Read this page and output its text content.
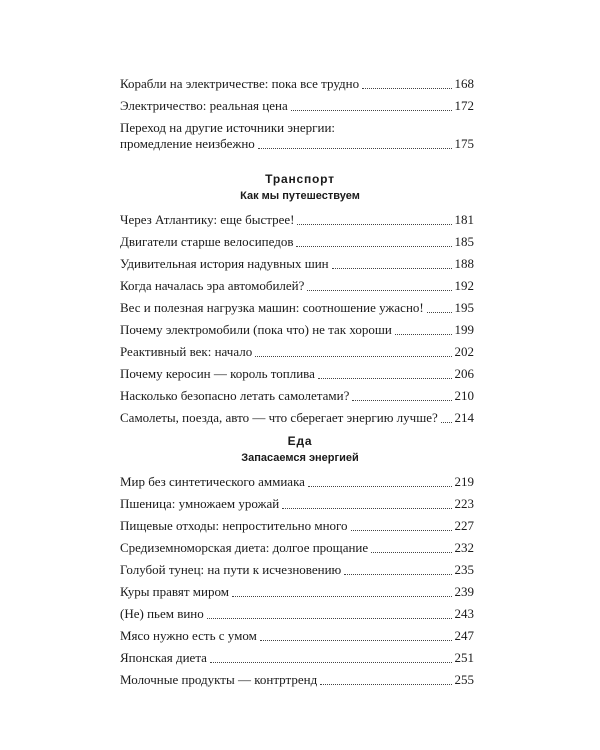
Корабли на электричестве: пока все трудно	168
Электричество: реальная цена	172
Переход на другие источники энергии:
промедление неизбежно	175
Транспорт
Как мы путешествуем
Через Атлантику: еще быстрее!	181
Двигатели старше велосипедов	185
Удивительная история надувных шин	188
Когда началась эра автомобилей?	192
Вес и полезная нагрузка машин: соотношение ужасно! 195
Почему электромобили (пока что) не так хороши	199
Реактивный век: начало	202
Почему керосин — король топлива	206
Насколько безопасно летать самолетами?	210
Самолеты, поезда, авто — что сберегает энергию лучше? 214
Еда
Запасаемся энергией
Мир без синтетического аммиака	219
Пшеница: умножаем урожай	223
Пищевые отходы: непростительно много	227
Средиземноморская диета: долгое прощание	232
Голубой тунец: на пути к исчезновению	235
Куры правят миром	239
(Не) пьем вино	243
Мясо нужно есть с умом	247
Японская диета	251
Молочные продукты — контртренд	255
